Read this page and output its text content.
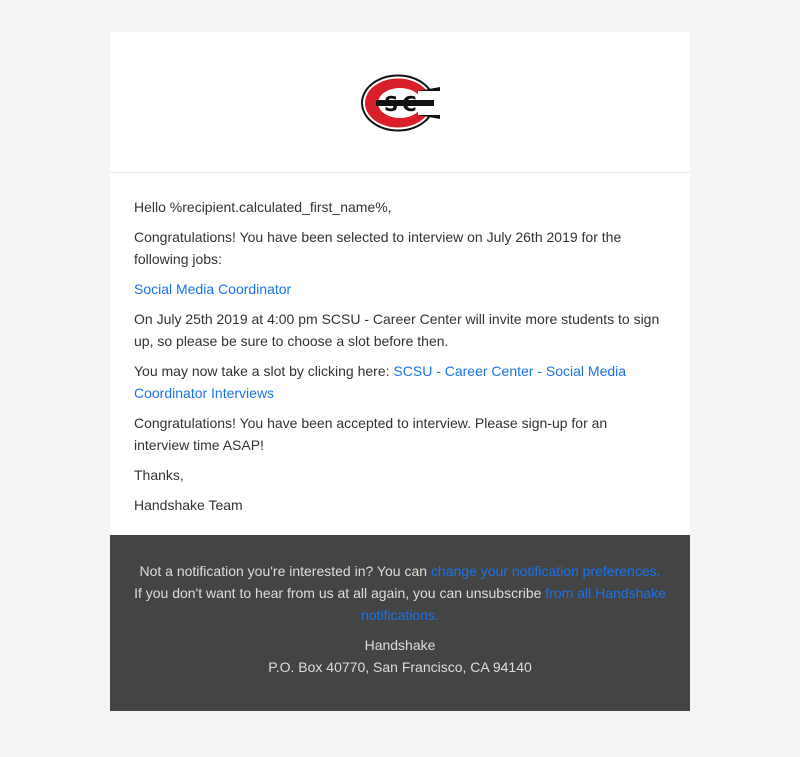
S C

Hello %recipient.calculated_first_name%,

Congratulations! You have been selected to interview on July 26th 2019 for the following jobs:

Social Media Coordinator

On July 25th 2019 at 4:00 pm SCSU - Career Center will invite more students to sign up, so please be sure to choose a slot before then.

You may now take a slot by clicking here: SCSU - Career Center - Social Media Coordinator Interviews

Congratulations! You have been accepted to interview. Please sign-up for an interview time ASAP!

Thanks,

Handshake Team

Not a notification you're interested in? You can change your notification preferences.
If you don't want to hear from us at all again, you can unsubscribe from all Handshake notifications.

Handshake
P.O. Box 40770, San Francisco, CA 94140
